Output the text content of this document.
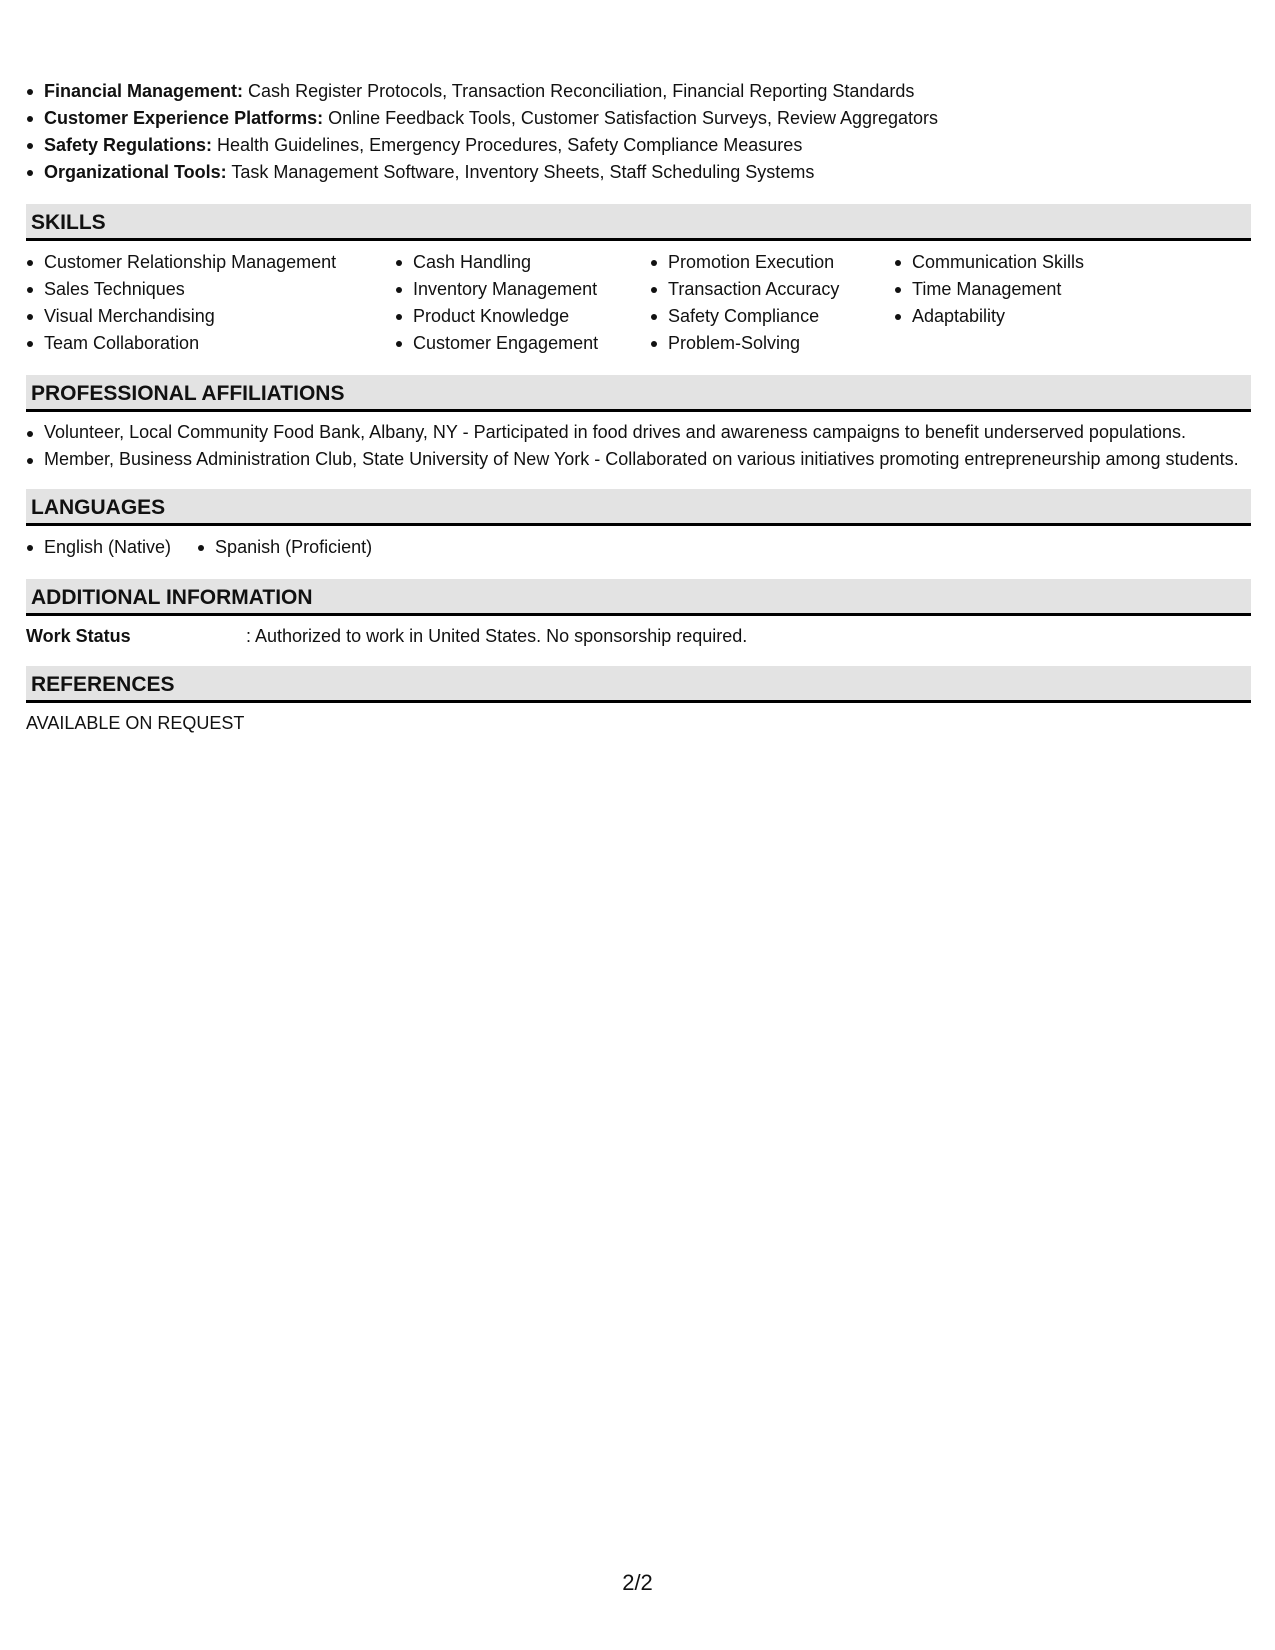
Financial Management: Cash Register Protocols, Transaction Reconciliation, Financial Reporting Standards
Customer Experience Platforms: Online Feedback Tools, Customer Satisfaction Surveys, Review Aggregators
Safety Regulations: Health Guidelines, Emergency Procedures, Safety Compliance Measures
Organizational Tools: Task Management Software, Inventory Sheets, Staff Scheduling Systems
SKILLS
Customer Relationship Management
Sales Techniques
Visual Merchandising
Team Collaboration
Cash Handling
Inventory Management
Product Knowledge
Customer Engagement
Promotion Execution
Transaction Accuracy
Safety Compliance
Problem-Solving
Communication Skills
Time Management
Adaptability
PROFESSIONAL AFFILIATIONS
Volunteer, Local Community Food Bank, Albany, NY - Participated in food drives and awareness campaigns to benefit underserved populations.
Member, Business Administration Club, State University of New York - Collaborated on various initiatives promoting entrepreneurship among students.
LANGUAGES
English (Native) Spanish (Proficient)
ADDITIONAL INFORMATION
Work Status	: Authorized to work in United States. No sponsorship required.
REFERENCES
AVAILABLE ON REQUEST
2/2
